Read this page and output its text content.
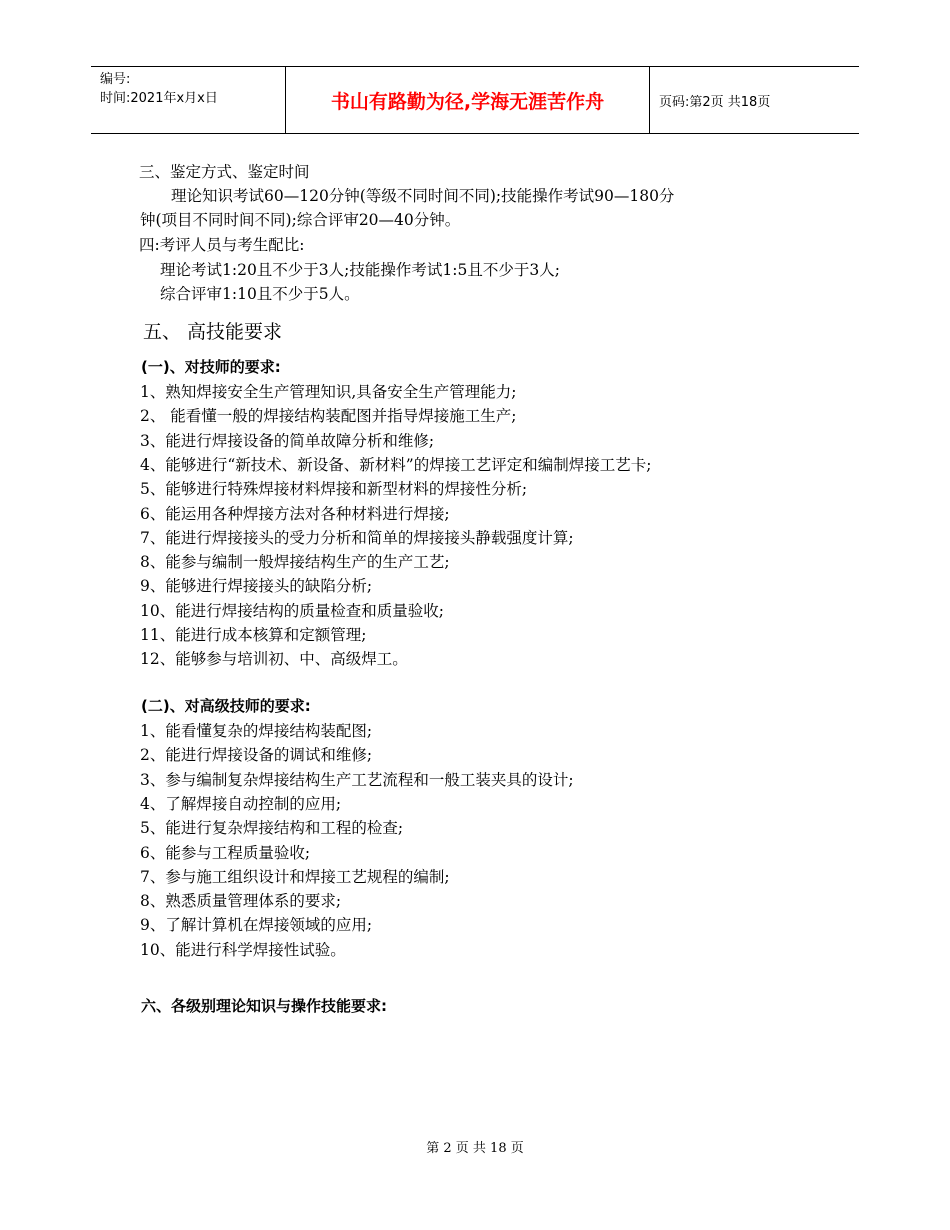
编号:
时间:2021年x月x日	书山有路勤为径,学海无涯苦作舟	页码:第2页 共18页
三、鉴定方式、鉴定时间
理论知识考试60—120分钟(等级不同时间不同);技能操作考试90—180分
钟(项目不同时间不同);综合评审20—40分钟。
四:考评人员与考生配比:
理论考试1:20且不少于3人;技能操作考试1:5且不少于3人;
综合评审1:10且不少于5人。
五、 高技能要求
(一)、对技师的要求:
1、熟知焊接安全生产管理知识,具备安全生产管理能力;
2、 能看懂一般的焊接结构装配图并指导焊接施工生产;
3、能进行焊接设备的简单故障分析和维修;
4、能够进行“新技术、新设备、新材料”的焊接工艺评定和编制焊接工艺卡;
5、能够进行特殊焊接材料焊接和新型材料的焊接性分析;
6、能运用各种焊接方法对各种材料进行焊接;
7、能进行焊接接头的受力分析和简单的焊接接头静载强度计算;
8、能参与编制一般焊接结构生产的生产工艺;
9、能够进行焊接接头的缺陷分析;
10、能进行焊接结构的质量检查和质量验收;
11、能进行成本核算和定额管理;
12、能够参与培训初、中、高级焊工。
(二)、对高级技师的要求:
1、能看懂复杂的焊接结构装配图;
2、能进行焊接设备的调试和维修;
3、参与编制复杂焊接结构生产工艺流程和一般工装夹具的设计;
4、了解焊接自动控制的应用;
5、能进行复杂焊接结构和工程的检查;
6、能参与工程质量验收;
7、参与施工组织设计和焊接工艺规程的编制;
8、熟悉质量管理体系的要求;
9、了解计算机在焊接领域的应用;
10、能进行科学焊接性试验。
六、各级别理论知识与操作技能要求:
第 2 页 共 18 页
